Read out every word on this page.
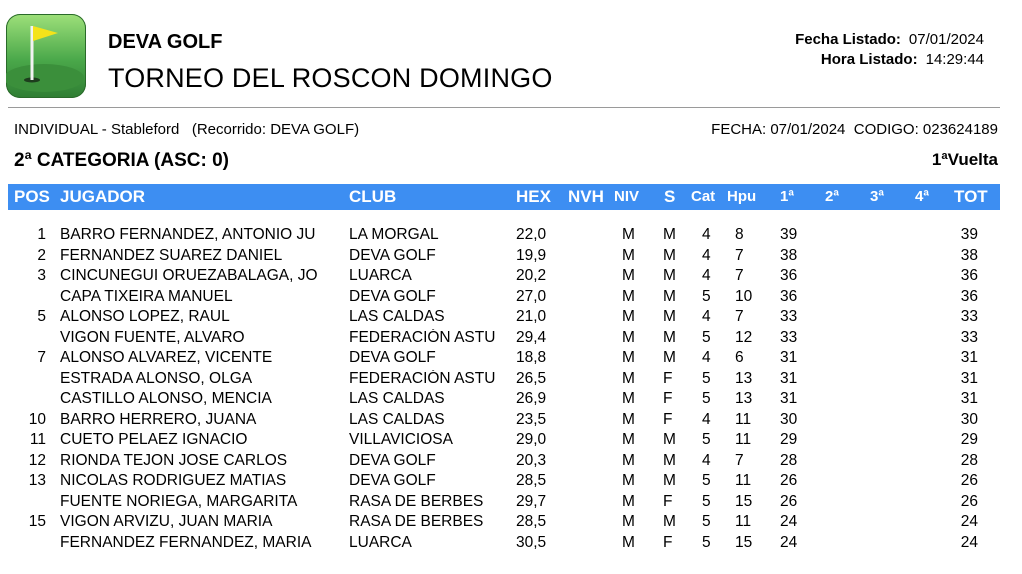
DEVA GOLF
TORNEO DEL ROSCON DOMINGO
Fecha Listado: 07/01/2024
Hora Listado: 14:29:44
INDIVIDUAL - Stableford   (Recorrido: DEVA GOLF)	FECHA: 07/01/2024  CODIGO: 023624189
2ª CATEGORIA (ASC: 0)	1ªVuelta
POS JUGADOR	CLUB	HEX NVH NIV S Cat Hpu 1ª 2ª 3ª 4ª TOT
1 BARRO FERNANDEZ, ANTONIO JU	LA MORGAL	22,0	M M 4 8 39	39
2 FERNANDEZ SUAREZ DANIEL	DEVA GOLF	19,9	M M 4 7 38	38
3 CINCUNEGUI ORUEZABALAGA, JO	LUARCA	20,2	M M 4 7 36	36
CAPA TIXEIRA MANUEL	DEVA GOLF	27,0	M M 5 10 36	36
5 ALONSO LOPEZ, RAUL	LAS CALDAS	21,0	M M 4 7 33	33
VIGON FUENTE, ALVARO	FEDERACIÓN ASTU	29,4	M M 5 12 33	33
7 ALONSO ALVAREZ, VICENTE	DEVA GOLF	18,8	M M 4 6 31	31
ESTRADA ALONSO, OLGA	FEDERACIÓN ASTU	26,5	M F 5 13 31	31
CASTILLO ALONSO, MENCIA	LAS CALDAS	26,9	M F 5 13 31	31
10 BARRO HERRERO, JUANA	LAS CALDAS	23,5	M F 4 11 30	30
11 CUETO PELAEZ IGNACIO	VILLAVICIOSA	29,0	M M 5 11 29	29
12 RIONDA TEJON JOSE CARLOS	DEVA GOLF	20,3	M M 4 7 28	28
13 NICOLAS RODRIGUEZ MATIAS	DEVA GOLF	28,5	M M 5 11 26	26
FUENTE NORIEGA, MARGARITA	RASA DE BERBES	29,7	M F 5 15 26	26
15 VIGON ARVIZU, JUAN MARIA	RASA DE BERBES	28,5	M M 5 11 24	24
FERNANDEZ FERNANDEZ, MARIA	LUARCA	30,5	M F 5 15 24	24
